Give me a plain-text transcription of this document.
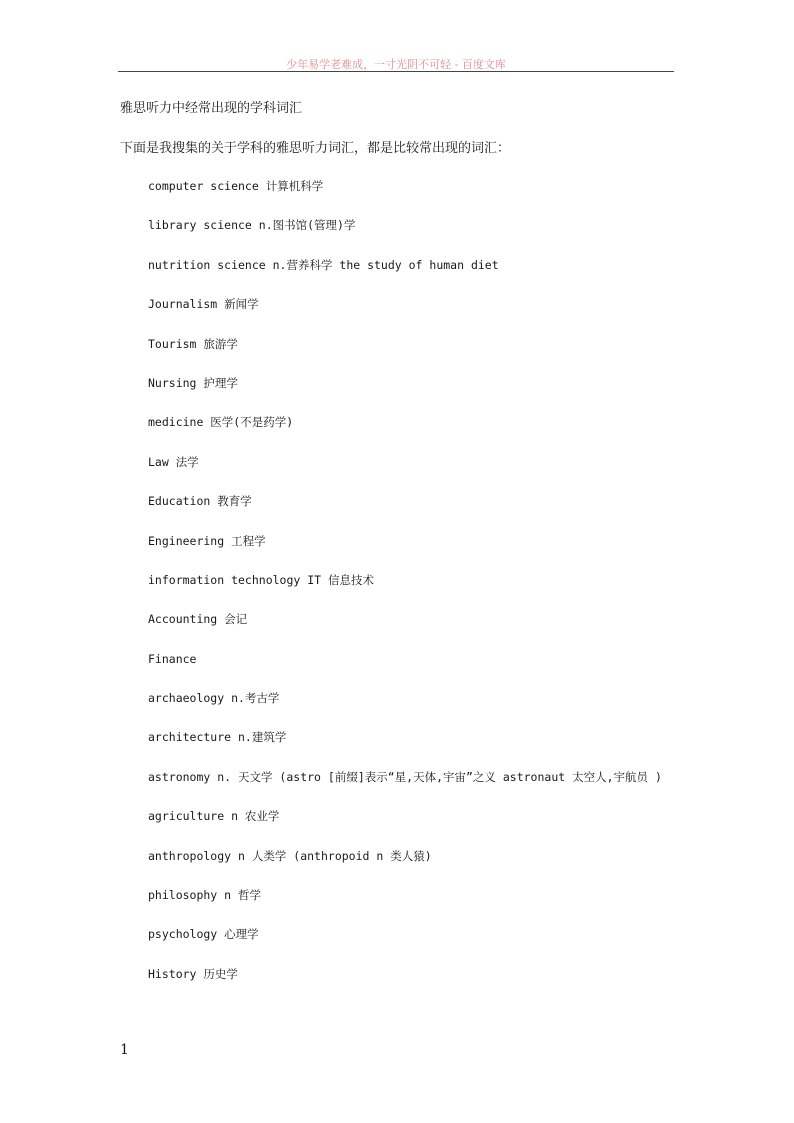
少年易学老难成，一寸光阴不可轻 - 百度文库
雅思听力中经常出现的学科词汇
下面是我搜集的关于学科的雅思听力词汇，都是比较常出现的词汇：
computer science 计算机科学
library science n.图书馆(管理)学
nutrition science n.营养科学 the study of human diet
Journalism 新闻学
Tourism 旅游学
Nursing 护理学
medicine 医学(不是药学)
Law 法学
Education 教育学
Engineering 工程学
information technology IT 信息技术
Accounting 会记
Finance
archaeology n.考古学
architecture n.建筑学
astronomy n. 天文学 (astro [前缀]表示“星,天体,宇宙”之义 astronaut 太空人,宇航员 )
agriculture n 农业学
anthropology n 人类学 (anthropoid n 类人猿)
philosophy n 哲学
psychology 心理学
History 历史学
1
